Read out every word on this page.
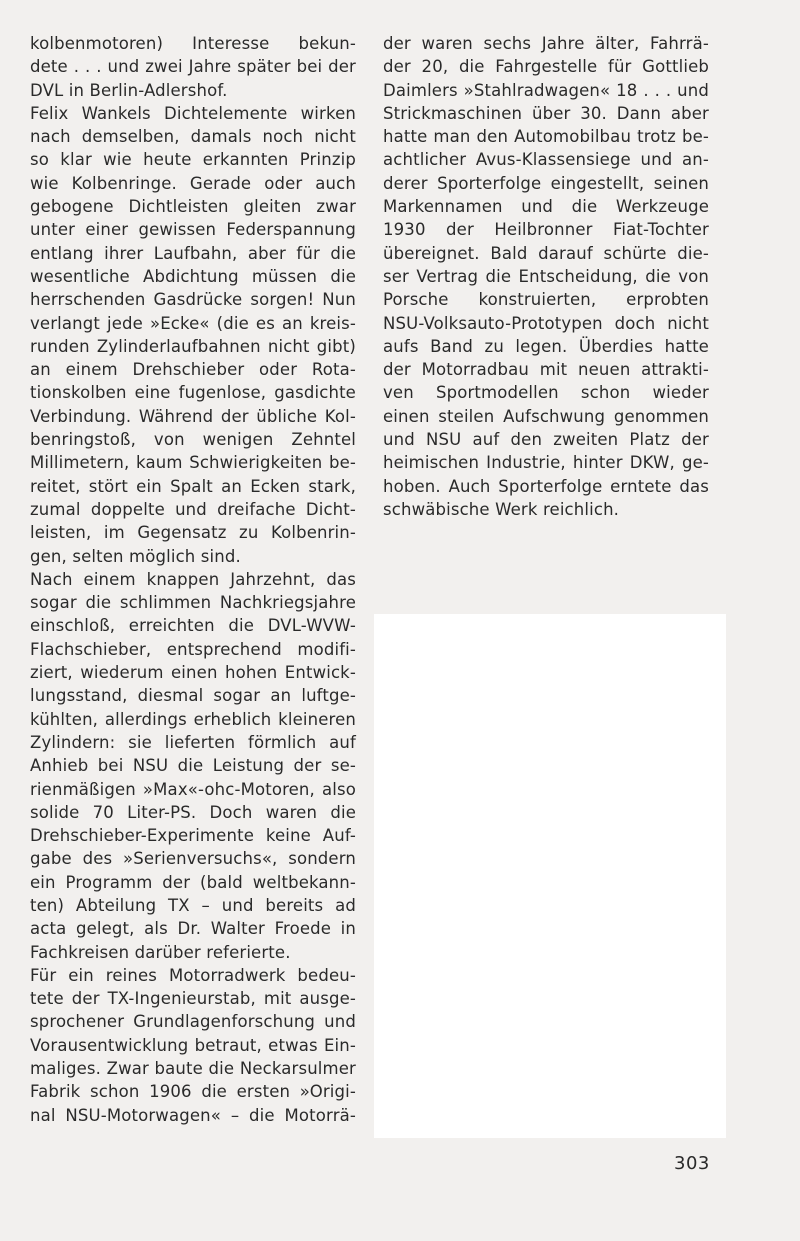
kolbenmotoren) Interesse bekun-
dete . . . und zwei Jahre später bei der
DVL in Berlin-Adlershof.
Felix Wankels Dichtelemente wirken
nach demselben, damals noch nicht
so klar wie heute erkannten Prinzip
wie Kolbenringe. Gerade oder auch
gebogene Dichtleisten gleiten zwar
unter einer gewissen Federspannung
entlang ihrer Laufbahn, aber für die
wesentliche Abdichtung müssen die
herrschenden Gasdrücke sorgen! Nun
verlangt jede »Ecke« (die es an kreis-
runden Zylinderlaufbahnen nicht gibt)
an einem Drehschieber oder Rota-
tionskolben eine fugenlose, gasdichte
Verbindung. Während der übliche Kol-
benringstoß, von wenigen Zehntel
Millimetern, kaum Schwierigkeiten be-
reitet, stört ein Spalt an Ecken stark,
zumal doppelte und dreifache Dicht-
leisten, im Gegensatz zu Kolbenrin-
gen, selten möglich sind.
Nach einem knappen Jahrzehnt, das
sogar die schlimmen Nachkriegsjahre
einschloß, erreichten die DVL-WVW-
Flachschieber, entsprechend modifi-
ziert, wiederum einen hohen Entwick-
lungsstand, diesmal sogar an luftge-
kühlten, allerdings erheblich kleineren
Zylindern: sie lieferten förmlich auf
Anhieb bei NSU die Leistung der se-
rienmäßigen »Max«-ohc-Motoren, also
solide 70 Liter-PS. Doch waren die
Drehschieber-Experimente keine Auf-
gabe des »Serienversuchs«, sondern
ein Programm der (bald weltbekann-
ten) Abteilung TX – und bereits ad
acta gelegt, als Dr. Walter Froede in
Fachkreisen darüber referierte.
Für ein reines Motorradwerk bedeu-
tete der TX-Ingenieurstab, mit ausge-
sprochener Grundlagenforschung und
Vorausentwicklung betraut, etwas Ein-
maliges. Zwar baute die Neckarsulmer
Fabrik schon 1906 die ersten »Origi-
nal NSU-Motorwagen« – die Motorrä-
der waren sechs Jahre älter, Fahrrä-
der 20, die Fahrgestelle für Gottlieb
Daimlers »Stahlradwagen« 18 . . . und
Strickmaschinen über 30. Dann aber
hatte man den Automobilbau trotz be-
achtlicher Avus-Klassensiege und an-
derer Sporterfolge eingestellt, seinen
Markennamen und die Werkzeuge
1930 der Heilbronner Fiat-Tochter
übereignet. Bald darauf schürte die-
ser Vertrag die Entscheidung, die von
Porsche konstruierten, erprobten
NSU-Volksauto-Prototypen doch nicht
aufs Band zu legen. Überdies hatte
der Motorradbau mit neuen attrakti-
ven Sportmodellen schon wieder
einen steilen Aufschwung genommen
und NSU auf den zweiten Platz der
heimischen Industrie, hinter DKW, ge-
hoben. Auch Sporterfolge erntete das
schwäbische Werk reichlich.
303
